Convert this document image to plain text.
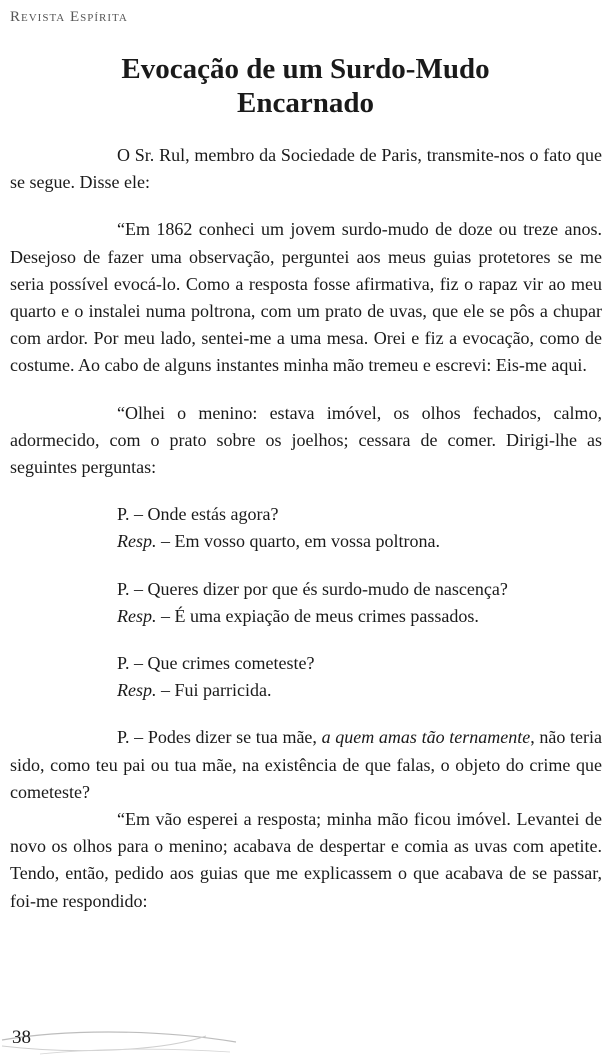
Revista Espírita
Evocação de um Surdo-Mudo
Encarnado

O Sr. Rul, membro da Sociedade de Paris, transmite-nos o fato que se segue. Disse ele:

“Em 1862 conheci um jovem surdo-mudo de doze ou treze anos. Desejoso de fazer uma observação, perguntei aos meus guias protetores se me seria possível evocá-lo. Como a resposta fosse afirmativa, fiz o rapaz vir ao meu quarto e o instalei numa poltrona, com um prato de uvas, que ele se pôs a chupar com ardor. Por meu lado, sentei-me a uma mesa. Orei e fiz a evocação, como de costume. Ao cabo de alguns instantes minha mão tremeu e escrevi: Eis-me aqui.

“Olhei o menino: estava imóvel, os olhos fechados, calmo, adormecido, com o prato sobre os joelhos; cessara de comer. Dirigi-lhe as seguintes perguntas:

P. – Onde estás agora?
Resp. – Em vosso quarto, em vossa poltrona.
P. – Queres dizer por que és surdo-mudo de nascença?
Resp. – É uma expiação de meus crimes passados.
P. – Que crimes cometeste?
Resp. – Fui parricida.

P. – Podes dizer se tua mãe, a quem amas tão ternamente, não teria sido, como teu pai ou tua mãe, na existência de que falas, o objeto do crime que cometeste?

“Em vão esperei a resposta; minha mão ficou imóvel. Levantei de novo os olhos para o menino; acabava de despertar e comia as uvas com apetite. Tendo, então, pedido aos guias que me explicassem o que acabava de se passar, foi-me respondido:

38
